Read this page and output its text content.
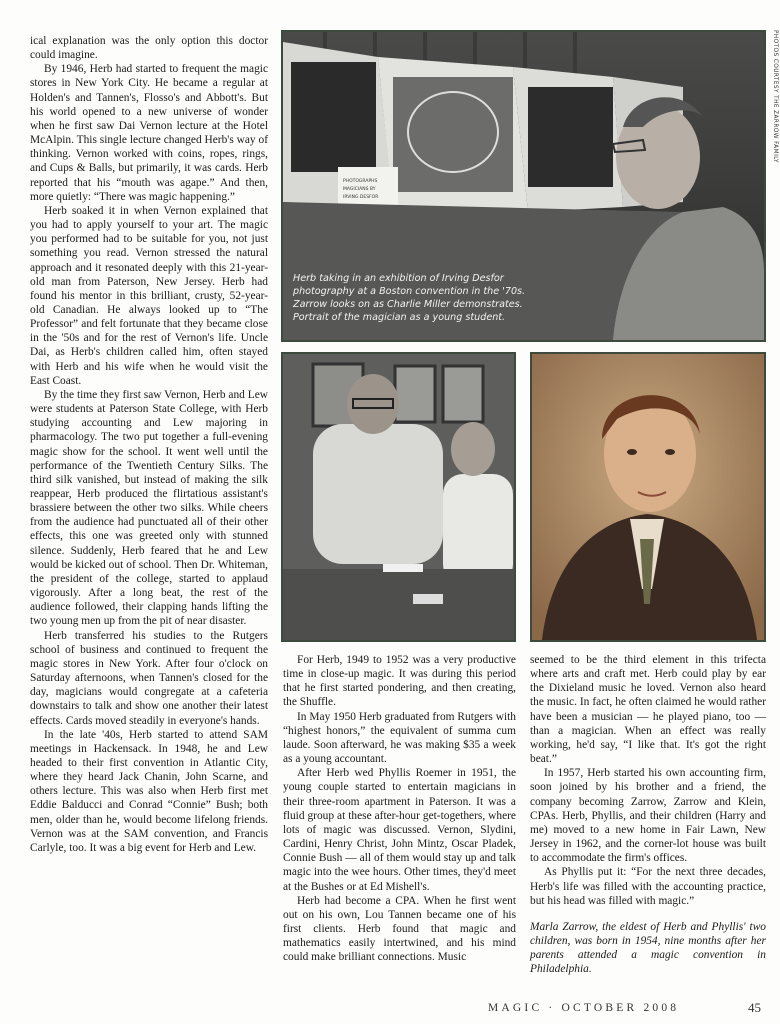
ical explanation was the only option this doctor could imagine.

By 1946, Herb had started to frequent the magic stores in New York City. He became a regular at Holden's and Tannen's, Flosso's and Abbott's. But his world opened to a new universe of wonder when he first saw Dai Vernon lecture at the Hotel McAlpin. This single lecture changed Herb's way of thinking. Vernon worked with coins, ropes, rings, and Cups & Balls, but primarily, it was cards. Herb reported that his “mouth was agape.” And then, more quietly: “There was magic happening.”

Herb soaked it in when Vernon explained that you had to apply yourself to your art. The magic you performed had to be suitable for you, not just something you read. Vernon stressed the natural approach and it resonated deeply with this 21-year-old man from Paterson, New Jersey. Herb had found his mentor in this brilliant, crusty, 52-year-old Canadian. He always looked up to “The Professor” and felt fortunate that they became close in the '50s and for the rest of Vernon's life. Uncle Dai, as Herb's children called him, often stayed with Herb and his wife when he would visit the East Coast.

By the time they first saw Vernon, Herb and Lew were students at Paterson State College, with Herb studying accounting and Lew majoring in pharmacology. The two put together a full-evening magic show for the school. It went well until the performance of the Twentieth Century Silks. The third silk vanished, but instead of making the silk reappear, Herb produced the flirtatious assistant's brassiere between the other two silks. While cheers from the audience had punctuated all of their other effects, this one was greeted only with stunned silence. Suddenly, Herb feared that he and Lew would be kicked out of school. Then Dr. Whiteman, the president of the college, started to applaud vigorously. After a long beat, the rest of the audience followed, their clapping hands lifting the two young men up from the pit of near disaster.

Herb transferred his studies to the Rutgers school of business and continued to frequent the magic stores in New York. After four o'clock on Saturday afternoons, when Tannen's closed for the day, magicians would congregate at a cafeteria downstairs to talk and show one another their latest effects. Cards moved steadily in everyone's hands.

In the late '40s, Herb started to attend SAM meetings in Hackensack. In 1948, he and Lew headed to their first convention in Atlantic City, where they heard Jack Chanin, John Scarne, and others lecture. This was also when Herb first met Eddie Balducci and Conrad “Connie” Bush; both men, older than he, would become lifelong friends. Vernon was at the SAM convention, and Francis Carlyle, too. It was a big event for Herb and Lew.

PHOTOGRAPHS
MAGICIANS BY
IRVING DESFOR
Herb taking in an exhibition of Irving Desfor photography at a Boston convention in the '70s. Zarrow looks on as Charlie Miller demonstrates. Portrait of the magician as a young student.
PHOTOS COURTESY THE ZARROW FAMILY

For Herb, 1949 to 1952 was a very productive time in close-up magic. It was during this period that he first started pondering, and then creating, the Shuffle.

In May 1950 Herb graduated from Rutgers with “highest honors,” the equivalent of summa cum laude. Soon afterward, he was making $35 a week as a young accountant.

After Herb wed Phyllis Roemer in 1951, the young couple started to entertain magicians in their three-room apartment in Paterson. It was a fluid group at these after-hour get-togethers, where lots of magic was discussed. Vernon, Slydini, Cardini, Henry Christ, John Mintz, Oscar Pladek, Connie Bush — all of them would stay up and talk magic into the wee hours. Other times, they'd meet at the Bushes or at Ed Mishell's.

Herb had become a CPA. When he first went out on his own, Lou Tannen became one of his first clients. Herb found that magic and mathematics easily intertwined, and his mind could make brilliant connections. Music

seemed to be the third element in this trifecta where arts and craft met. Herb could play by ear the Dixieland music he loved. Vernon also heard the music. In fact, he often claimed he would rather have been a musician — he played piano, too — than a magician. When an effect was really working, he'd say, “I like that. It's got the right beat.”

In 1957, Herb started his own accounting firm, soon joined by his brother and a friend, the company becoming Zarrow, Zarrow and Klein, CPAs. Herb, Phyllis, and their children (Harry and me) moved to a new home in Fair Lawn, New Jersey in 1962, and the corner-lot house was built to accommodate the firm's offices.

As Phyllis put it: “For the next three decades, Herb's life was filled with the accounting practice, but his head was filled with magic.”

Marla Zarrow, the eldest of Herb and Phyllis' two children, was born in 1954, nine months after her parents attended a magic convention in Philadelphia.

MAGIC · OCTOBER 2008	45
